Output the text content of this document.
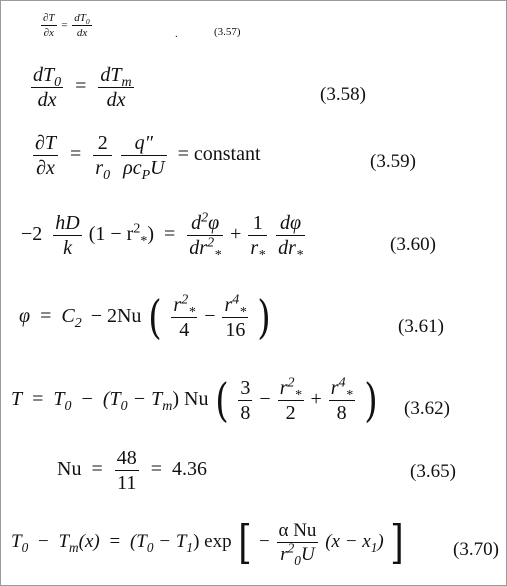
$\frac{\partial T}{\partial x} = \frac{dT_0}{dx}$	.	(3.57)
$\frac{dT_0}{dx} = \frac{dT_m}{dx}$	(3.58)
$\frac{\partial T}{\partial x} = \frac{2}{r_0}$
$\frac{q''}{\rho c_PU}$ = constant	(3.59)
$-2 \frac{hD}{k} (1 - r^2_*) = \frac{d^2\varphi}{dr^2_*} + \frac{1}{r_*}$
$\frac{d\varphi}{dr_*}$	(3.60)
$\varphi = C_2 - 2Nu$ ( $\frac{r^2_*}{4} - \frac{r^4_*}{16}$ )	(3.61)
$T = T_0 - (T_0 - T_m)$ Nu ( $\frac{3}{8} - \frac{r^2_*}{2} + \frac{r^4_*}{8}$ ) (3.62)
$Nu = \frac{48}{11} = 4.36$	(3.65)
$T_0 - T_m(x) = (T_0 - T_1)$ exp [ − $\frac{\text{α Nu}}{r^2_0U} (x - x_1)$ ]	(3.70)
